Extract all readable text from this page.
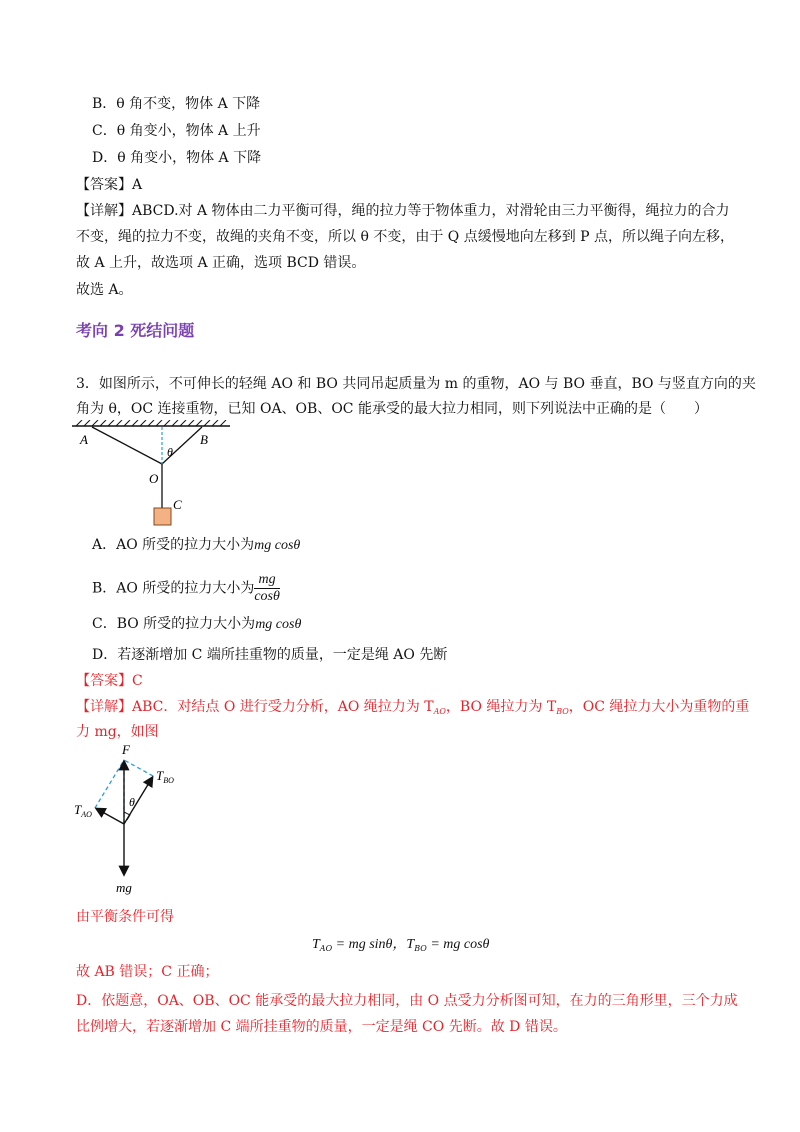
B．θ 角不变，物体 A 下降
C．θ 角变小，物体 A 上升
D．θ 角变小，物体 A 下降
【答案】A
【详解】ABCD.对 A 物体由二力平衡可得，绳的拉力等于物体重力，对滑轮由三力平衡得，绳拉力的合力
不变，绳的拉力不变，故绳的夹角不变，所以 θ 不变，由于 Q 点缓慢地向左移到 P 点，所以绳子向左移，
故 A 上升，故选项 A 正确，选项 BCD 错误。
故选 A。
考向 2 死结问题
3．如图所示，不可伸长的轻绳 AO 和 BO 共同吊起质量为 m 的重物，AO 与 BO 垂直，BO 与竖直方向的夹
角为 θ，OC 连接重物，已知 OA、OB、OC 能承受的最大拉力相同，则下列说法中正确的是（　　）
A	B
θ
O
C
A．AO 所受的拉力大小为mg cosθ
B．AO 所受的拉力大小为 $\frac{mg}{\cos\theta}$
C．BO 所受的拉力大小为mg cosθ
D．若逐渐增加 C 端所挂重物的质量，一定是绳 AO 先断
【答案】C
【详解】ABC．对结点 O 进行受力分析，AO 绳拉力为 $T_{AO}$，BO 绳拉力为 $T_{BO}$，OC 绳拉力大小为重物的重
力 mg，如图
F
$T_{BO}$
$T_{AO}$
θ
mg
由平衡条件可得
$T_{AO}$ = mg sinθ，$T_{BO}$ = mg cosθ
故 AB 错误；C 正确；
D．依题意，OA、OB、OC 能承受的最大拉力相同，由 O 点受力分析图可知，在力的三角形里，三个力成
比例增大，若逐渐增加 C 端所挂重物的质量，一定是绳 CO 先断。故 D 错误。
